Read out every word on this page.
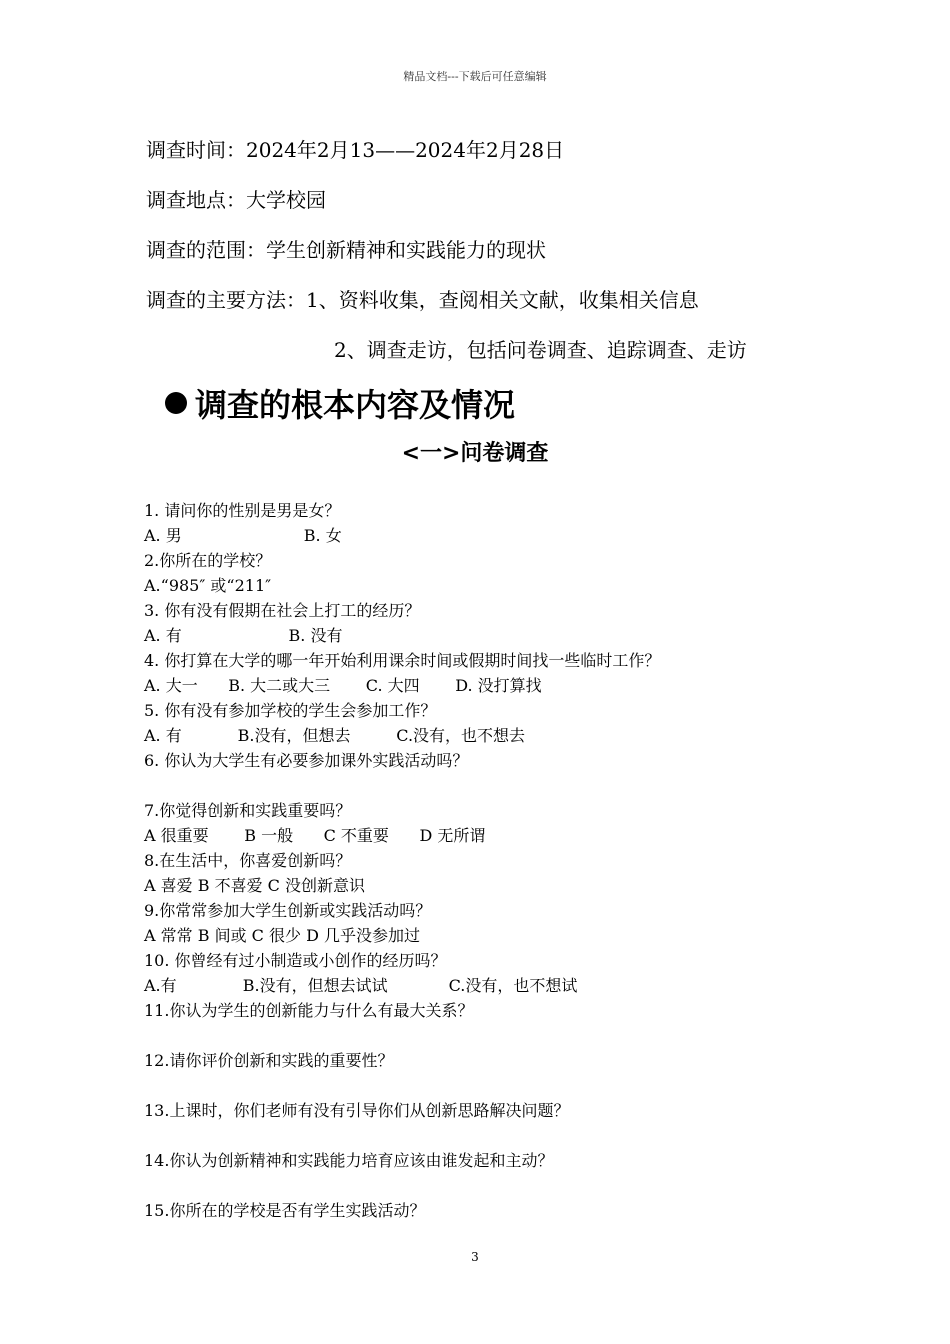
精品文档---下载后可任意编辑
调查时间：2024年2月13——2024年2月28日
调查地点：大学校园
调查的范围：学生创新精神和实践能力的现状
调查的主要方法：1、资料收集，查阅相关文献，收集相关信息
2、调查走访，包括问卷调查、追踪调查、走访
调查的根本内容及情况
<一>问卷调查
1. 请问你的性别是男是女？
A. 男                        B. 女
2.你所在的学校？
A.“985″ 或“211″
3. 你有没有假期在社会上打工的经历？
A. 有                     B. 没有
4. 你打算在大学的哪一年开始利用课余时间或假期时间找一些临时工作？
A. 大一      B. 大二或大三       C. 大四       D. 没打算找
5. 你有没有参加学校的学生会参加工作？
A. 有           B.没有，但想去         C.没有，也不想去
6. 你认为大学生有必要参加课外实践活动吗？
7.你觉得创新和实践重要吗？
A 很重要       B 一般      C 不重要      D 无所谓
8.在生活中，你喜爱创新吗？
A 喜爱 B 不喜爱 C 没创新意识
9.你常常参加大学生创新或实践活动吗？
A 常常 B 间或 C 很少 D 几乎没参加过
10. 你曾经有过小制造或小创作的经历吗？
A.有             B.没有，但想去试试            C.没有，也不想试
11.你认为学生的创新能力与什么有最大关系？
12.请你评价创新和实践的重要性？
13.上课时，你们老师有没有引导你们从创新思路解决问题？
14.你认为创新精神和实践能力培育应该由谁发起和主动？
15.你所在的学校是否有学生实践活动？
3
